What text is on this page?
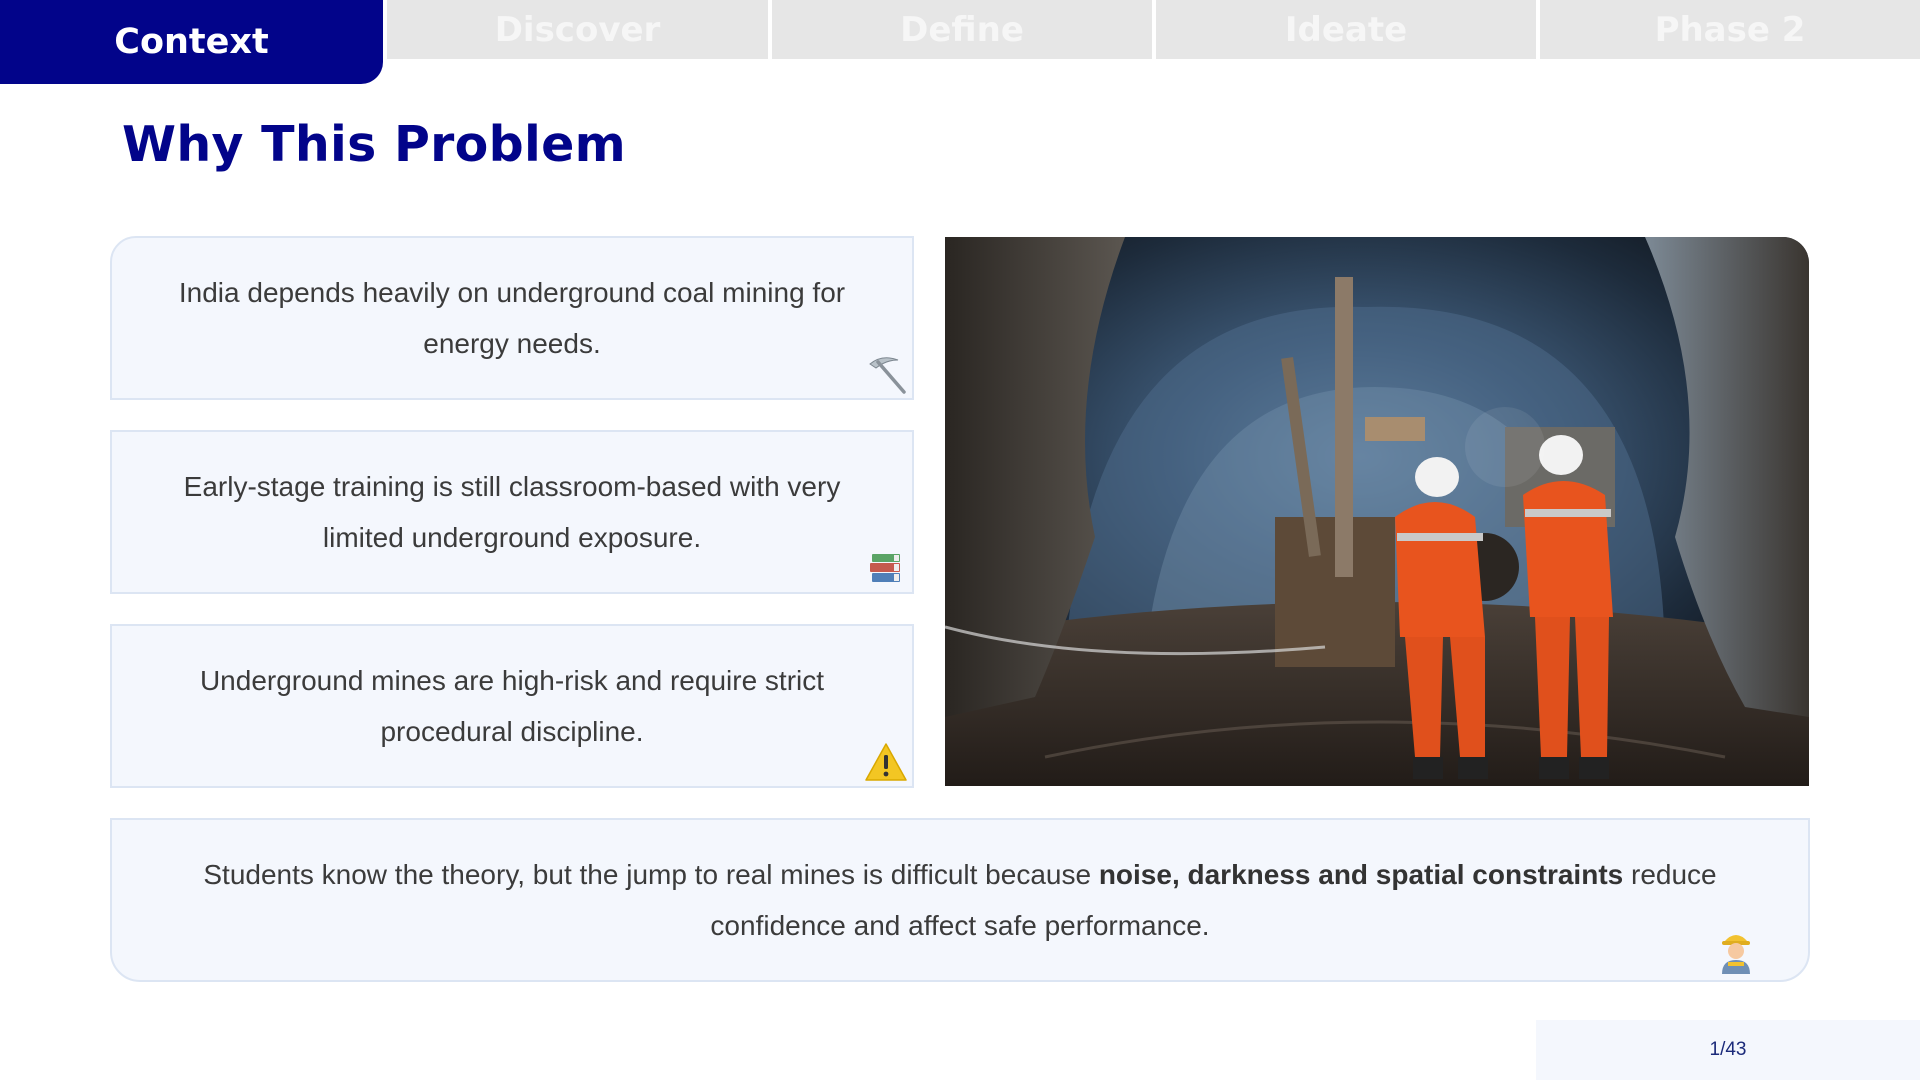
Context	Discover	Define	Ideate	Phase 2
Why This Problem

India depends heavily on underground coal mining for energy needs.

Early-stage training is still classroom-based with very limited underground exposure.

Underground mines are high-risk and require strict procedural discipline.

Students know the theory, but the jump to real mines is difficult because noise, darkness and spatial constraints reduce confidence and affect safe performance.

1/43
